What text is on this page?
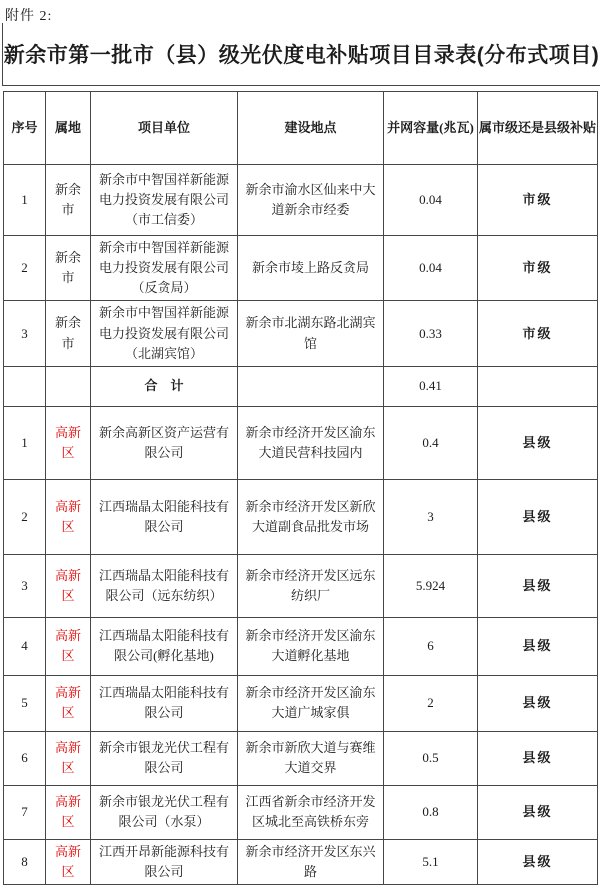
附件 2:
新余市第一批市（县）级光伏度电补贴项目目录表(分布式项目)
序号	属地	项目单位	建设地点	并网容量(兆瓦)	属市级还是县级补贴
1	新余市	新余市中智国祥新能源电力投资发展有限公司（市工信委）	新余市渝水区仙来中大道新余市经委	0.04	市级
2	新余市	新余市中智国祥新能源电力投资发展有限公司（反贪局）	新余市堎上路反贪局	0.04	市级
3	新余市	新余市中智国祥新能源电力投资发展有限公司（北湖宾馆）	新余市北湖东路北湖宾馆	0.33	市级
		合　计		0.41	
1	高新区	新余高新区资产运营有限公司	新余市经济开发区渝东大道民营科技园内	0.4	县级
2	高新区	江西瑞晶太阳能科技有限公司	新余市经济开发区新欣大道副食品批发市场	3	县级
3	高新区	江西瑞晶太阳能科技有限公司（远东纺织）	新余市经济开发区远东纺织厂	5.924	县级
4	高新区	江西瑞晶太阳能科技有限公司(孵化基地)	新余市经济开发区渝东大道孵化基地	6	县级
5	高新区	江西瑞晶太阳能科技有限公司	新余市经济开发区渝东大道广城家俱	2	县级
6	高新区	新余市银龙光伏工程有限公司	新余市新欣大道与赛维大道交界	0.5	县级
7	高新区	新余市银龙光伏工程有限公司（水泵）	江西省新余市经济开发区城北至高铁桥东旁	0.8	县级
8	高新区	江西开昂新能源科技有限公司	新余市经济开发区东兴路	5.1	县级
